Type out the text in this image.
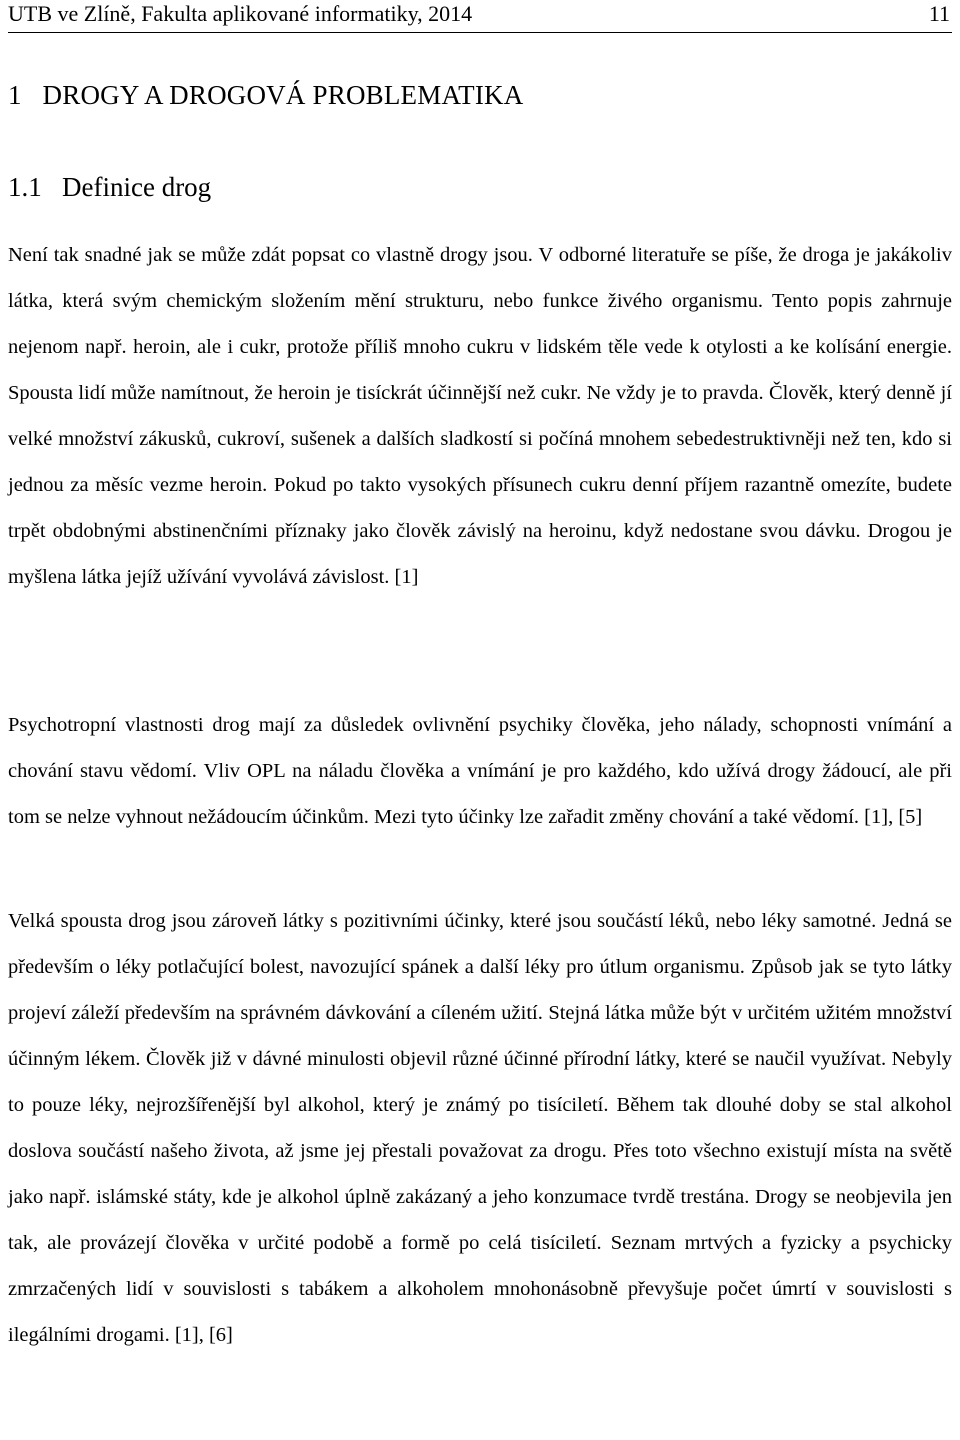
UTB ve Zlíně, Fakulta aplikované informatiky, 2014	11
1   DROGY A DROGOVÁ PROBLEMATIKA
1.1   Definice drog

Není tak snadné jak se může zdát popsat co vlastně drogy jsou. V odborné literatuře se píše, že droga je jakákoliv látka, která svým chemickým složením mění strukturu, nebo funkce živého organismu. Tento popis zahrnuje nejenom např. heroin, ale i cukr, protože příliš mnoho cukru v lidském těle vede k otylosti a ke kolísání energie. Spousta lidí může namítnout, že heroin je tisíckrát účinnější než cukr. Ne vždy je to pravda. Člověk, který denně jí velké množství zákusků, cukroví, sušenek a dalších sladkostí si počíná mnohem sebedestruktivněji než ten, kdo si jednou za měsíc vezme heroin. Pokud po takto vysokých přísunech cukru denní příjem razantně omezíte, budete trpět obdobnými abstinenčními příznaky jako člověk závislý na heroinu, když nedostane svou dávku. Drogou je myšlena látka jejíž užívání vyvolává závislost. [1]

Psychotropní vlastnosti drog mají za důsledek ovlivnění psychiky člověka, jeho nálady, schopnosti vnímání a chování stavu vědomí. Vliv OPL na náladu člověka a vnímání je pro každého, kdo užívá drogy žádoucí, ale při tom se nelze vyhnout nežádoucím účinkům. Mezi tyto účinky lze zařadit změny chování a také vědomí. [1], [5]

Velká spousta drog jsou zároveň látky s pozitivními účinky, které jsou součástí léků, nebo léky samotné. Jedná se především o léky potlačující bolest, navozující spánek a další léky pro útlum organismu. Způsob jak se tyto látky projeví záleží především na správném dávkování a cíleném užití. Stejná látka může být v určitém užitém množství účinným lékem. Člověk již v dávné minulosti objevil různé účinné přírodní látky, které se naučil využívat. Nebyly to pouze léky, nejrozšířenější byl alkohol, který je známý po tisíciletí. Během tak dlouhé doby se stal alkohol doslova součástí našeho života, až jsme jej přestali považovat za drogu. Přes toto všechno existují místa na světě jako např. islámské státy, kde je alkohol úplně zakázaný a jeho konzumace tvrdě trestána. Drogy se neobjevila jen tak, ale provázejí člověka v určité podobě a formě po celá tisíciletí. Seznam mrtvých a fyzicky a psychicky zmrzačených lidí v souvislosti s tabákem a alkoholem mnohonásobně převyšuje počet úmrtí v souvislosti s ilegálními drogami. [1], [6]
